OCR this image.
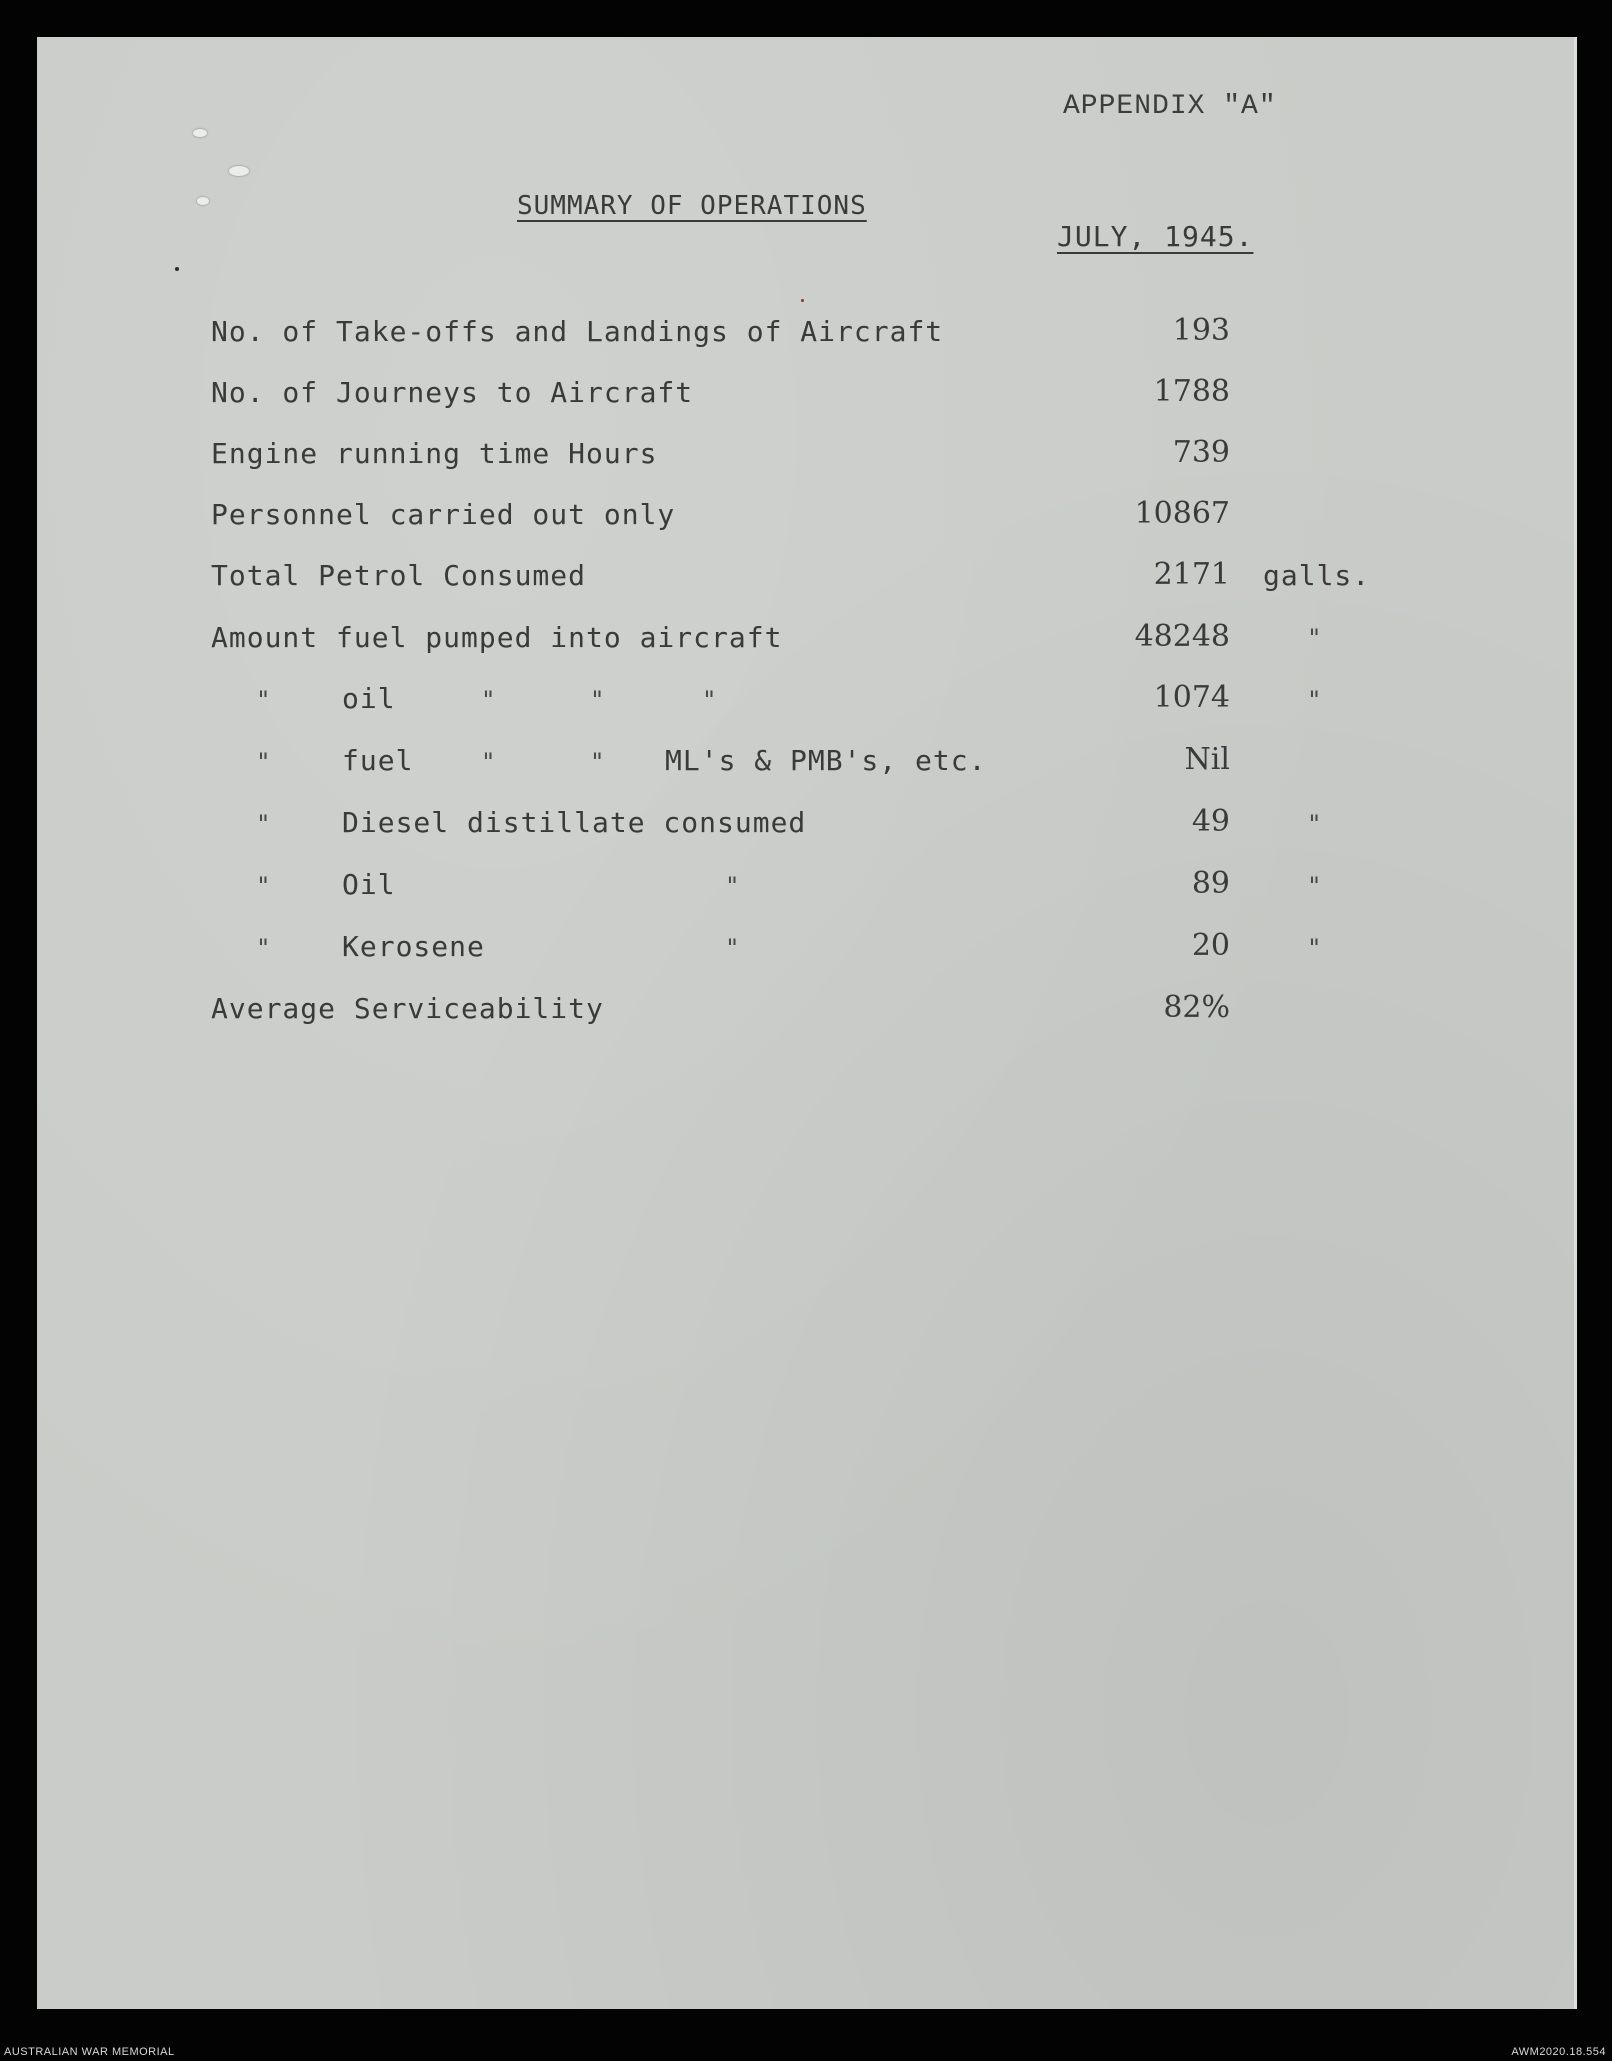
APPENDIX "A"
SUMMARY OF OPERATIONS
JULY, 1945.
No. of Take-offs and Landings of Aircraft	193
No. of Journeys to Aircraft	1788
Engine running time Hours	739
Personnel carried out only	10867
Total Petrol Consumed	2171 galls.
Amount fuel pumped into aircraft	48248	"
"	oil	"	"	"	1074	"
"	fuel	"	" ML's & PMB's, etc.	Nil
"	Diesel distillate consumed	49	"
"	Oil	"	89	"
"	Kerosene	"	20	"
Average Serviceability	82%
AUSTRALIAN WAR MEMORIAL	AWM2020.18.554
